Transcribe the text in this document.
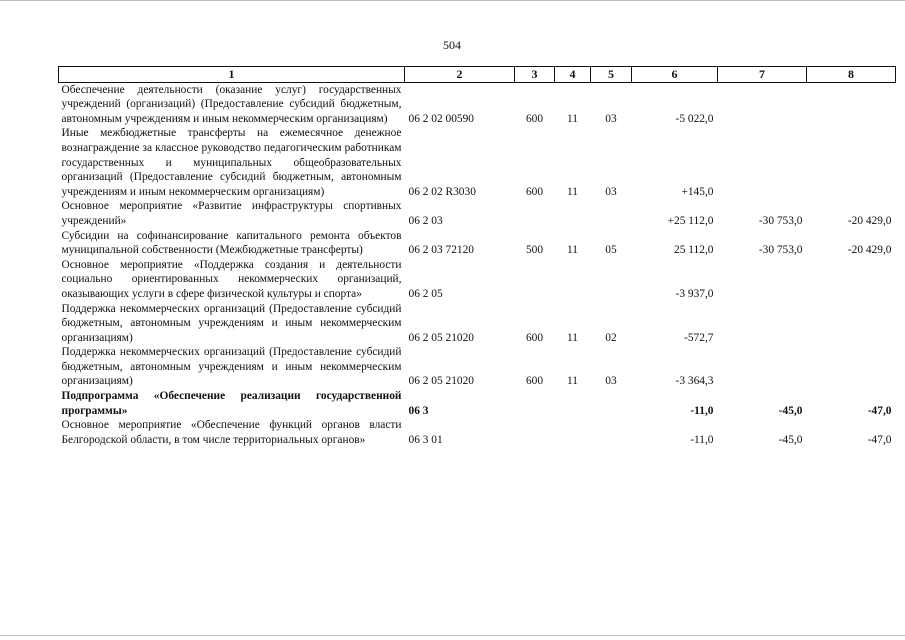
504
1	2	3	4	5	6	7	8
Обеспечение деятельности (оказание услуг) государственных учреждений (организаций) (Предоставление субсидий бюджетным, автономным учреждениям и иным некоммерческим организациям)	06 2 02 00590	600	11	03	-5 022,0		
Иные межбюджетные трансферты на ежемесячное денежное вознаграждение за классное руководство педагогическим работникам государственных и муниципальных общеобразовательных организаций (Предоставление субсидий бюджетным, автономным учреждениям и иным некоммерческим организациям)	06 2 02 R3030	600	11	03	+145,0		
Основное мероприятие «Развитие инфраструктуры спортивных учреждений»	06 2 03				+25 112,0	-30 753,0	-20 429,0
Субсидии на софинансирование капитального ремонта объектов муниципальной собственности (Межбюджетные трансферты)	06 2 03 72120	500	11	05	25 112,0	-30 753,0	-20 429,0
Основное мероприятие «Поддержка создания и деятельности социально ориентированных некоммерческих организаций, оказывающих услуги в сфере физической культуры и спорта»	06 2 05				-3 937,0		
Поддержка некоммерческих организаций (Предоставление субсидий бюджетным, автономным учреждениям и иным некоммерческим организациям)	06 2 05 21020	600	11	02	-572,7		
Поддержка некоммерческих организаций (Предоставление субсидий бюджетным, автономным учреждениям и иным некоммерческим организациям)	06 2 05 21020	600	11	03	-3 364,3		
Подпрограмма «Обеспечение реализации государственной программы»	06 3				-11,0	-45,0	-47,0
Основное мероприятие «Обеспечение функций органов власти Белгородской области, в том числе территориальных органов»	06 3 01				-11,0	-45,0	-47,0
